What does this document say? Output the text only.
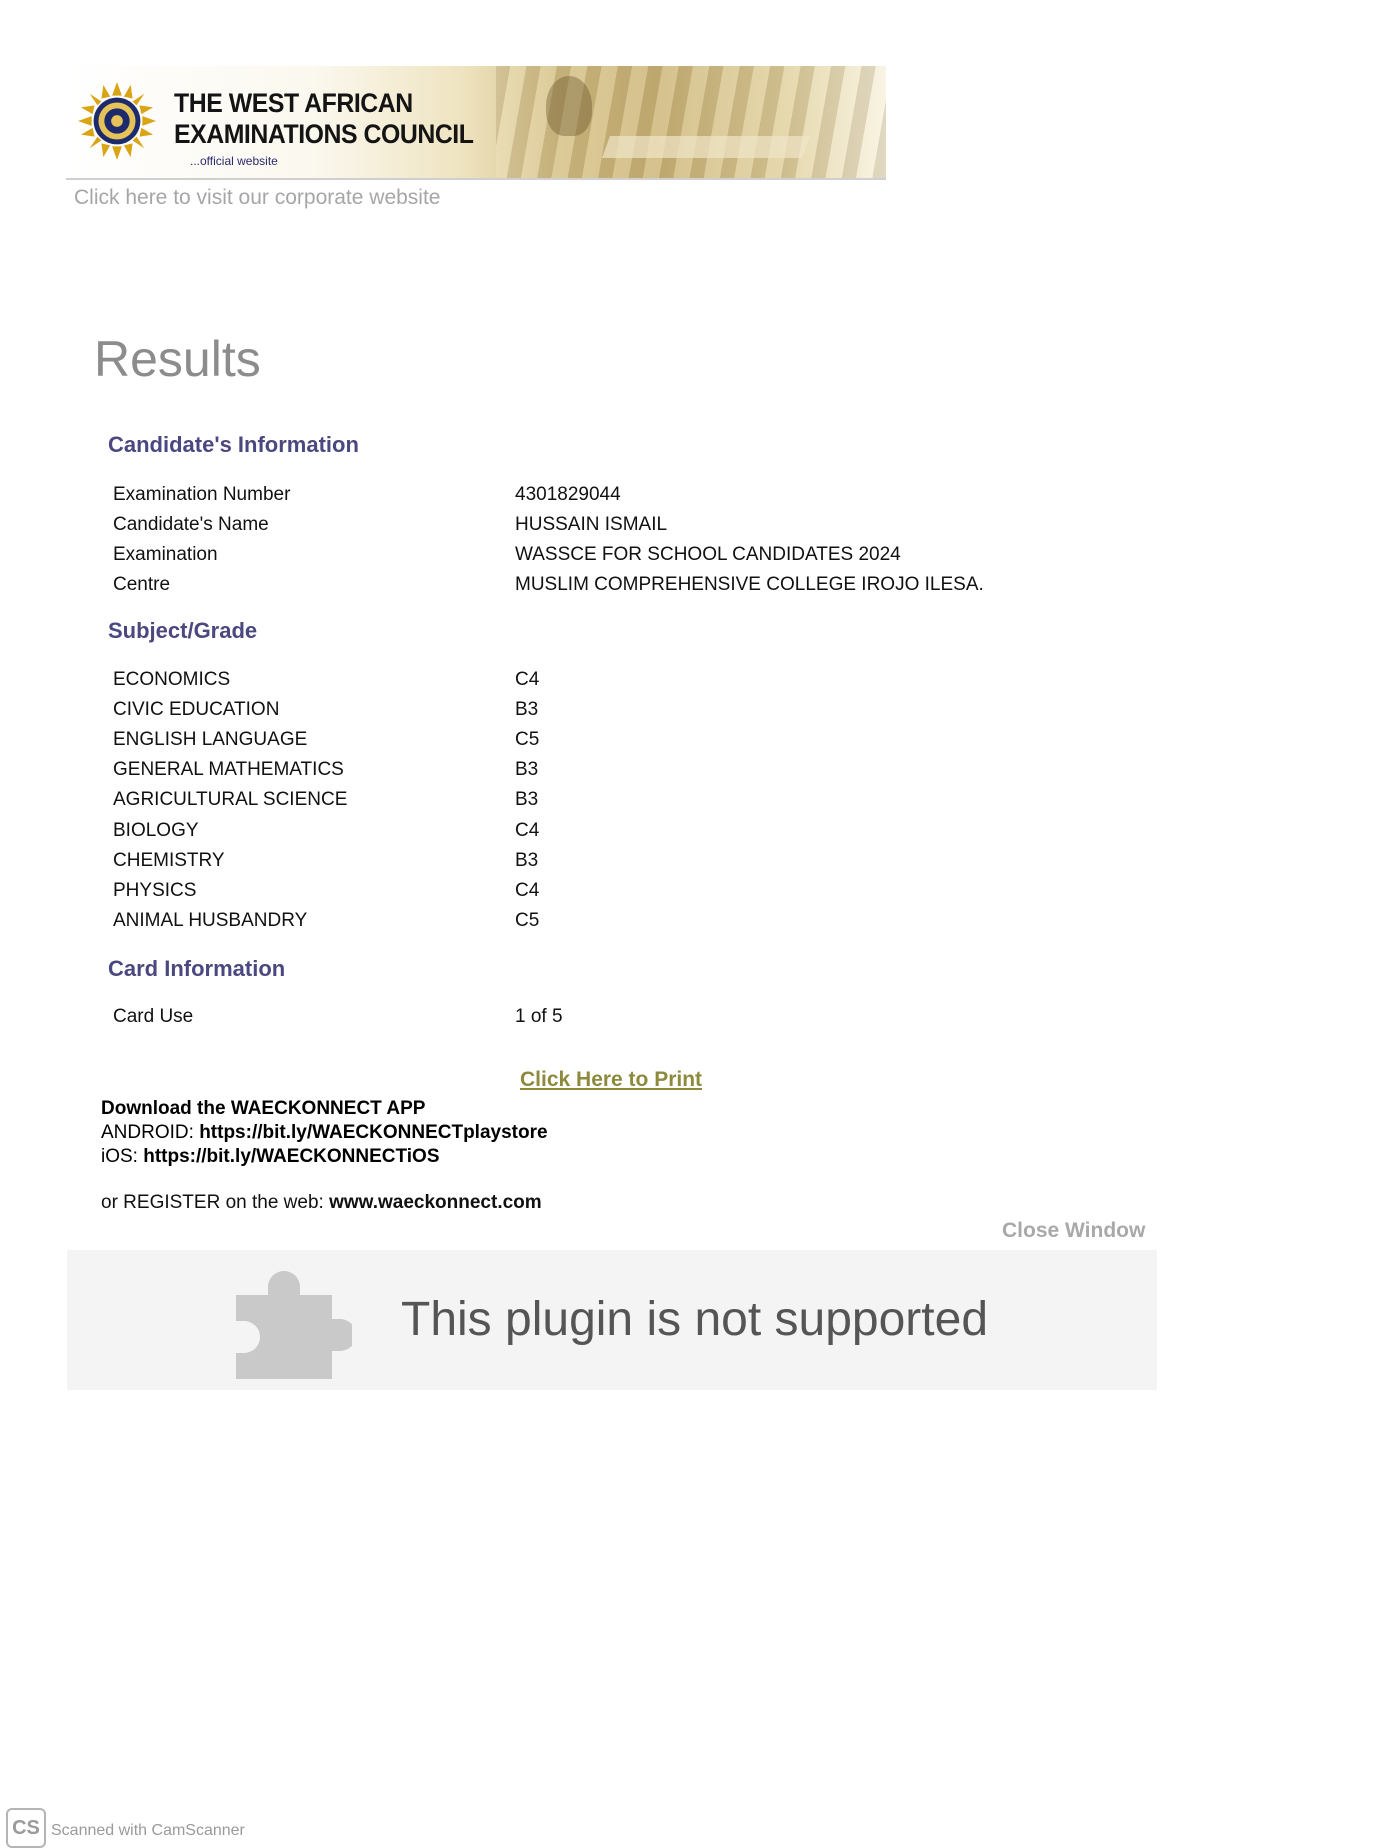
THE WEST AFRICAN
EXAMINATIONS COUNCIL
...official website
Click here to visit our corporate website
Results
Candidate's Information
Examination Number	4301829044
Candidate's Name	HUSSAIN ISMAIL
Examination	WASSCE FOR SCHOOL CANDIDATES 2024
Centre	MUSLIM COMPREHENSIVE COLLEGE IROJO ILESA.
Subject/Grade
ECONOMICS	C4
CIVIC EDUCATION	B3
ENGLISH LANGUAGE	C5
GENERAL MATHEMATICS	B3
AGRICULTURAL SCIENCE	B3
BIOLOGY	C4
CHEMISTRY	B3
PHYSICS	C4
ANIMAL HUSBANDRY	C5
Card Information
Card Use	1 of 5
Click Here to Print
Download the WAECKONNECT APP
ANDROID: https://bit.ly/WAECKONNECTplaystore
iOS: https://bit.ly/WAECKONNECTiOS
or REGISTER on the web: www.waeckonnect.com
Close Window
This plugin is not supported
CS Scanned with CamScanner
